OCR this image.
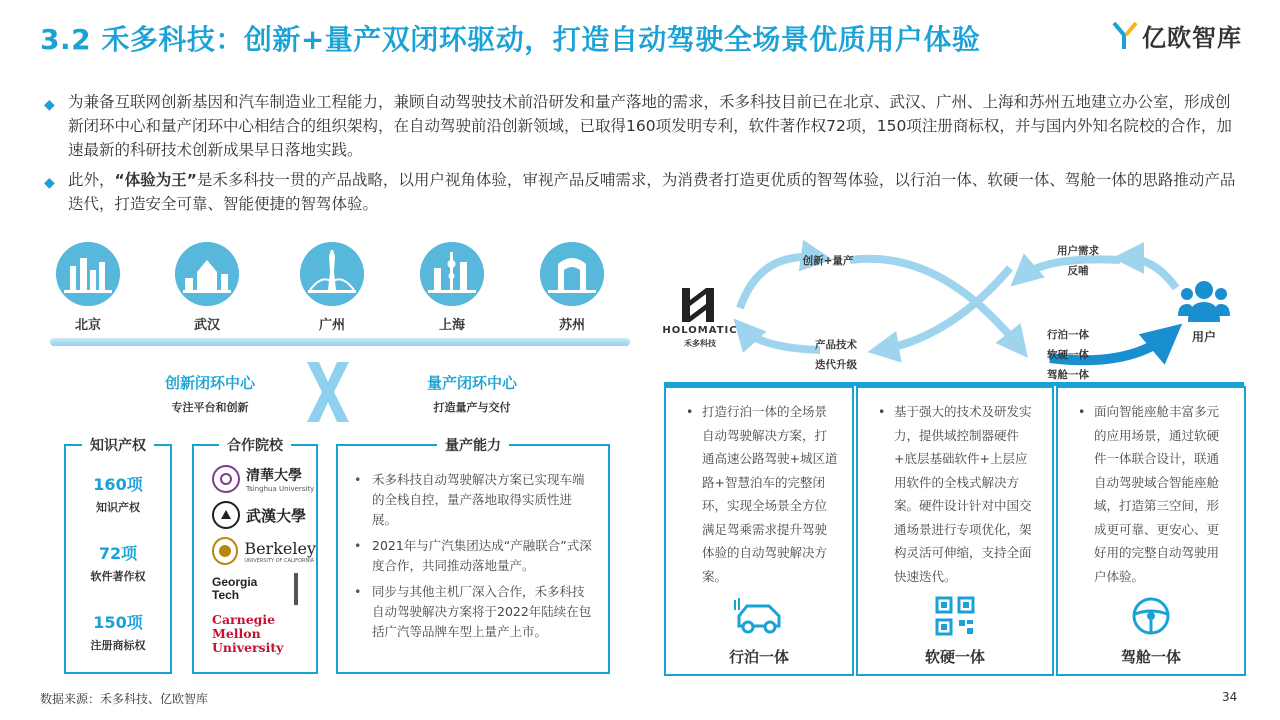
3.2 禾多科技：创新+量产双闭环驱动，打造自动驾驶全场景优质用户体验	亿欧智库
◆ 为兼备互联网创新基因和汽车制造业工程能力，兼顾自动驾驶技术前沿研发和量产落地的需求，禾多科技目前已在北京、武汉、广州、上海和苏州五地建立办公室，形成创新闭环中心和量产闭环中心相结合的组织架构，在自动驾驶前沿创新领域，已取得160项发明专利，软件著作权72项，150项注册商标权，并与国内外知名院校的合作，加速最新的科研技术创新成果早日落地实践。
◆ 此外，“体验为王”是禾多科技一贯的产品战略，以用户视角体验，审视产品反哺需求，为消费者打造更优质的智驾体验，以行泊一体、软硬一体、驾舱一体的思路推动产品迭代，打造安全可靠、智能便捷的智驾体验。
北京	武汉	广州	上海	苏州
创新闭环中心
专注平台和创新
量产闭环中心
打造量产与交付
知识产权
160项
知识产权
72项
软件著作权
150项
注册商标权
合作院校
清華大學
Tsinghua University
武漢大學
Berkeley
UNIVERSITY OF CALIFORNIA
Georgia Tech
Carnegie Mellon University
量产能力
• 禾多科技自动驾驶解决方案已实现车端的全栈自控，量产落地取得实质性进展。
• 2021年与广汽集团达成“产融联合”式深度合作，共同推动落地量产。
• 同步与其他主机厂深入合作，禾多科技自动驾驶解决方案将于2022年陆续在包括广汽等品牌车型上量产上市。
HOLOMATIC
禾多科技
创新+量产
产品技术
迭代升级
用户需求
反哺
行泊一体
软硬一体
驾舱一体
用户
• 打造行泊一体的全场景自动驾驶解决方案，打通高速公路驾驶+城区道路+智慧泊车的完整闭环，实现全场景全方位满足驾乘需求提升驾驶体验的自动驾驶解决方案。
行泊一体
• 基于强大的技术及研发实力，提供域控制器硬件+底层基础软件+上层应用软件的全栈式解决方案。硬件设计针对中国交通场景进行专项优化，架构灵活可伸缩，支持全面快速迭代。
软硬一体
• 面向智能座舱丰富多元的应用场景，通过软硬件一体联合设计，联通自动驾驶域合智能座舱域，打造第三空间，形成更可靠、更安心、更好用的完整自动驾驶用户体验。
驾舱一体
数据来源：禾多科技、亿欧智库	34
